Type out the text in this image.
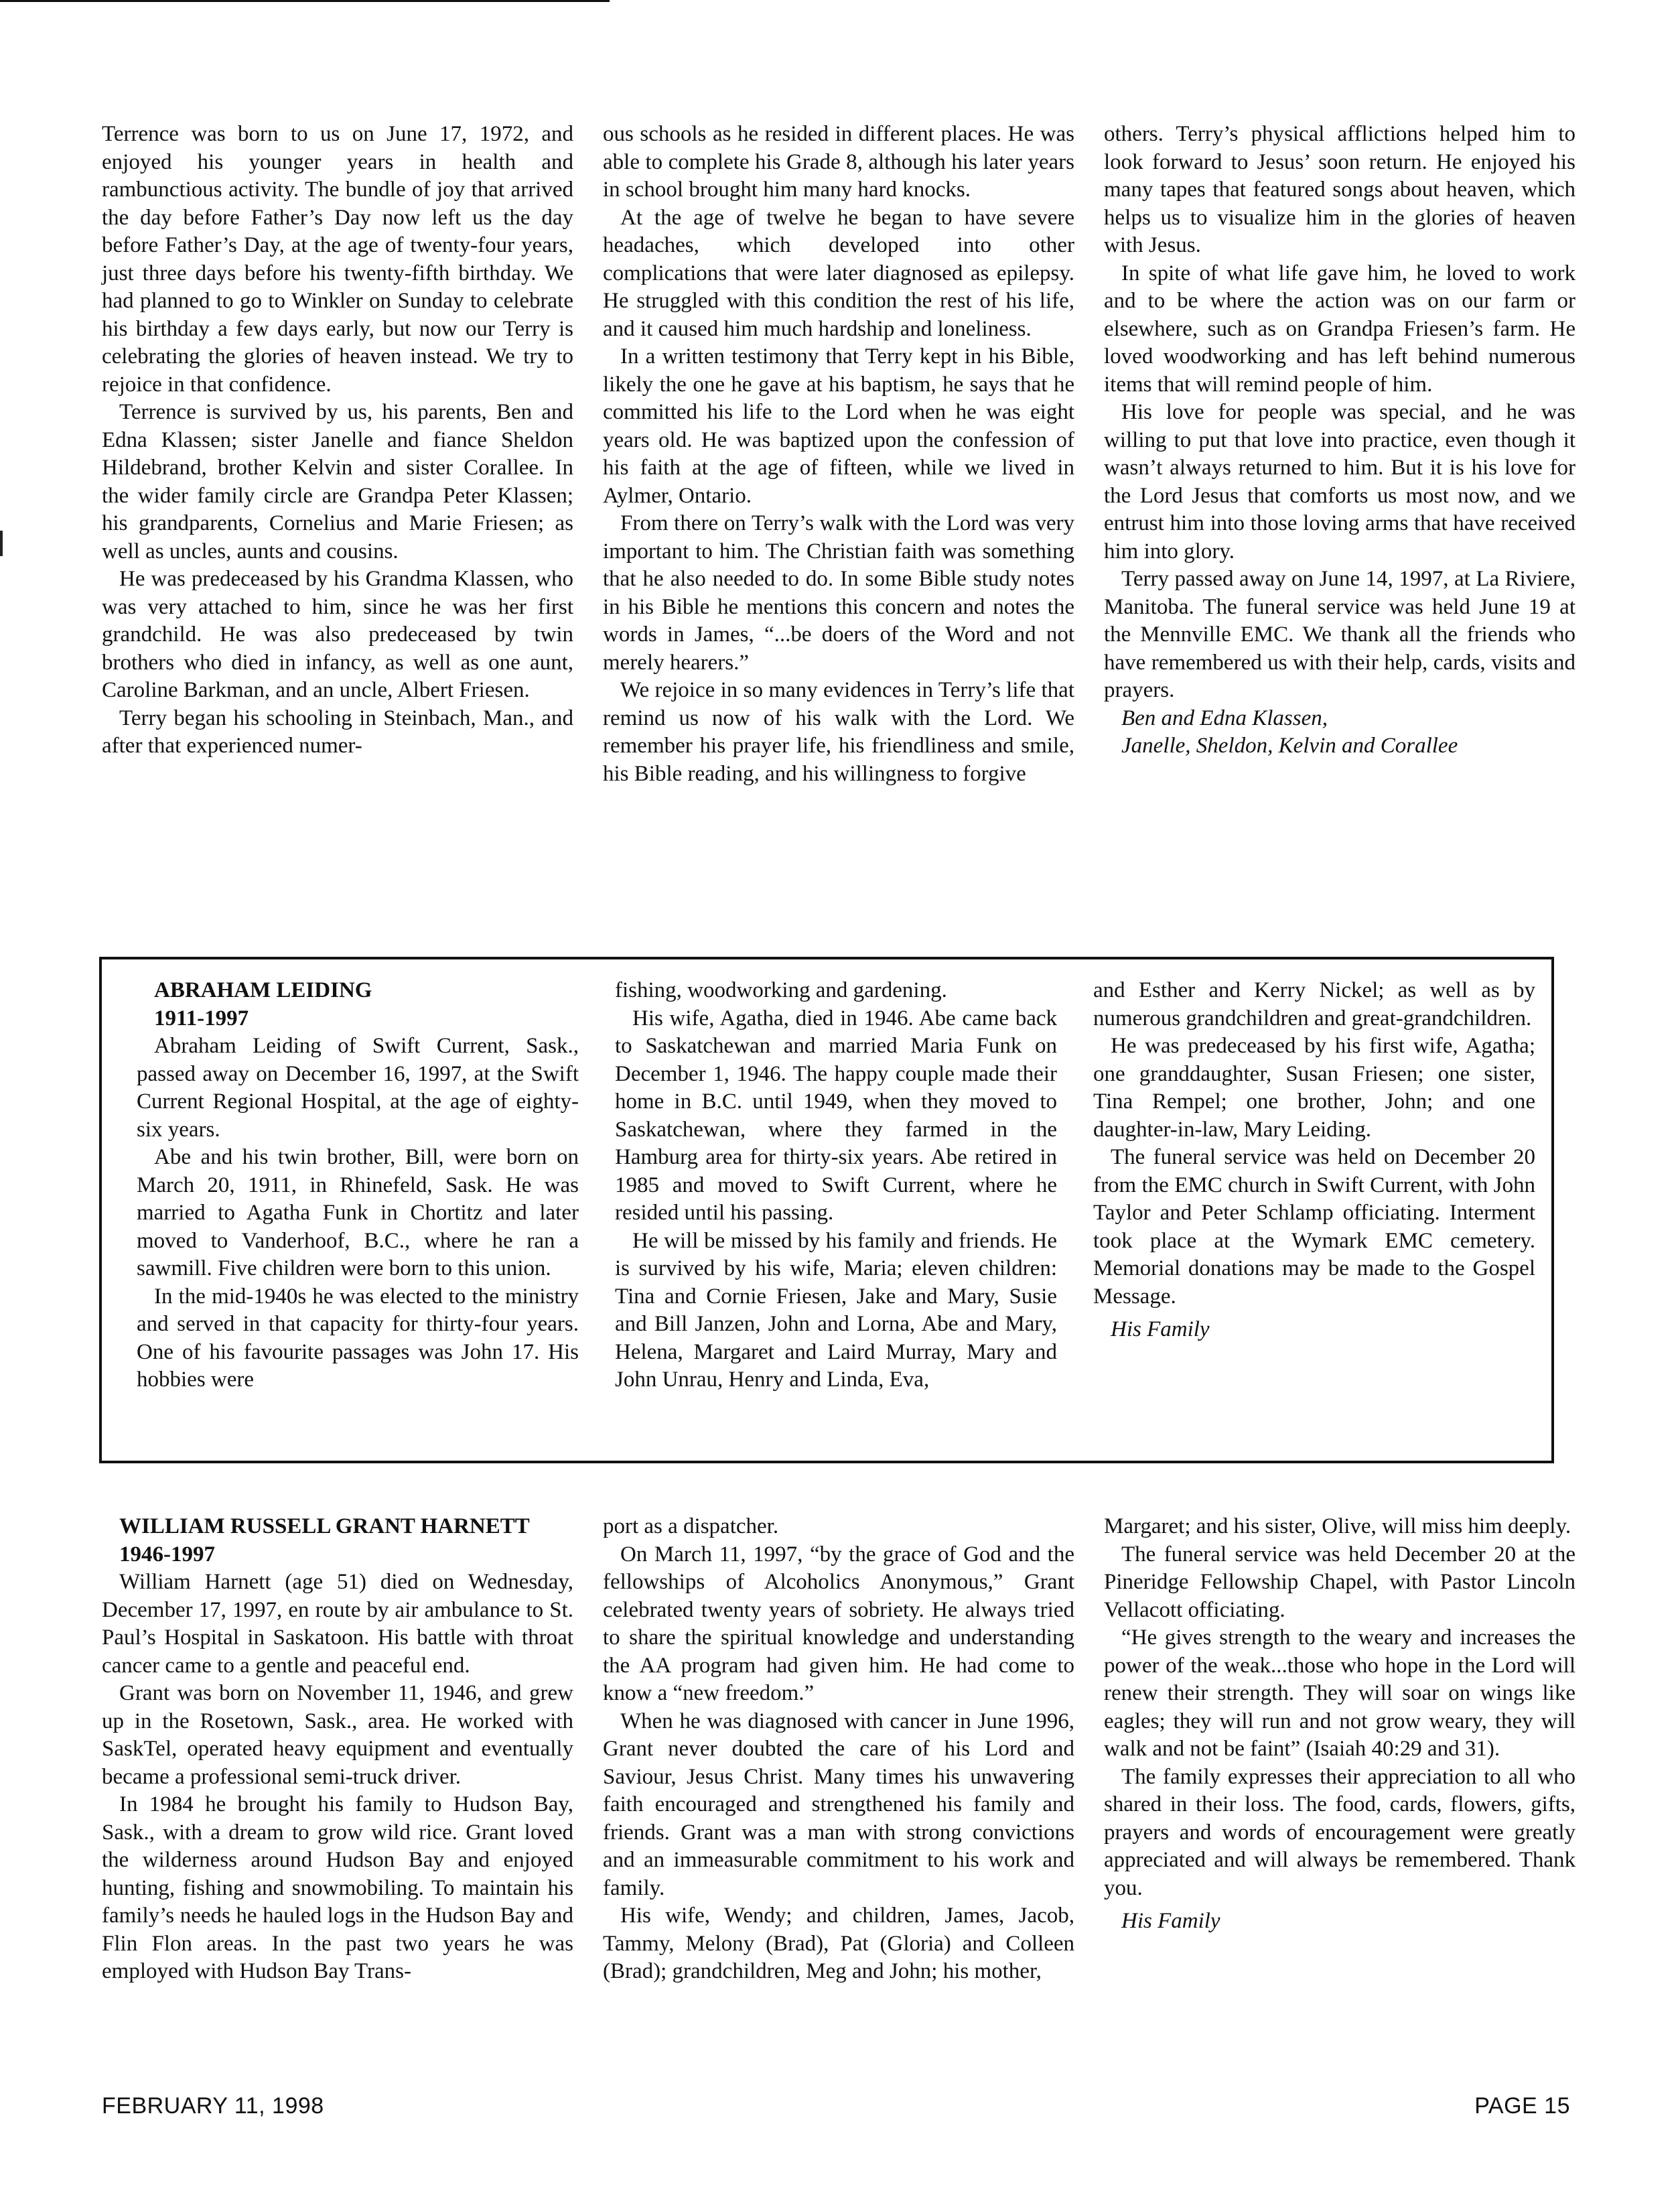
Terrence was born to us on June 17, 1972, and enjoyed his younger years in health and rambunctious activity. The bundle of joy that arrived the day before Father’s Day now left us the day before Father’s Day, at the age of twenty-four years, just three days before his twenty-fifth birthday. We had planned to go to Winkler on Sunday to celebrate his birthday a few days early, but now our Terry is celebrating the glories of heaven instead. We try to rejoice in that confidence.

Terrence is survived by us, his parents, Ben and Edna Klassen; sister Janelle and fiance Sheldon Hildebrand, brother Kelvin and sister Corallee. In the wider family circle are Grandpa Peter Klassen; his grandparents, Cornelius and Marie Friesen; as well as uncles, aunts and cousins.

He was predeceased by his Grandma Klassen, who was very attached to him, since he was her first grandchild. He was also predeceased by twin brothers who died in infancy, as well as one aunt, Caroline Barkman, and an uncle, Albert Friesen.

Terry began his schooling in Steinbach, Man., and after that experienced numer-

ous schools as he resided in different places. He was able to complete his Grade 8, although his later years in school brought him many hard knocks.

At the age of twelve he began to have severe headaches, which developed into other complications that were later diagnosed as epilepsy. He struggled with this condition the rest of his life, and it caused him much hardship and loneliness.

In a written testimony that Terry kept in his Bible, likely the one he gave at his baptism, he says that he committed his life to the Lord when he was eight years old. He was baptized upon the confession of his faith at the age of fifteen, while we lived in Aylmer, Ontario.

From there on Terry’s walk with the Lord was very important to him. The Christian faith was something that he also needed to do. In some Bible study notes in his Bible he mentions this concern and notes the words in James, “...be doers of the Word and not merely hearers.”

We rejoice in so many evidences in Terry’s life that remind us now of his walk with the Lord. We remember his prayer life, his friendliness and smile, his Bible reading, and his willingness to forgive

others. Terry’s physical afflictions helped him to look forward to Jesus’ soon return. He enjoyed his many tapes that featured songs about heaven, which helps us to visualize him in the glories of heaven with Jesus.

In spite of what life gave him, he loved to work and to be where the action was on our farm or elsewhere, such as on Grandpa Friesen’s farm. He loved woodworking and has left behind numerous items that will remind people of him.

His love for people was special, and he was willing to put that love into practice, even though it wasn’t always returned to him. But it is his love for the Lord Jesus that comforts us most now, and we entrust him into those loving arms that have received him into glory.

Terry passed away on June 14, 1997, at La Riviere, Manitoba. The funeral service was held June 19 at the Mennville EMC. We thank all the friends who have remembered us with their help, cards, visits and prayers.

Ben and Edna Klassen,

Janelle, Sheldon, Kelvin and Corallee

ABRAHAM LEIDING

1911-1997

Abraham Leiding of Swift Current, Sask., passed away on December 16, 1997, at the Swift Current Regional Hospital, at the age of eighty-six years.

Abe and his twin brother, Bill, were born on March 20, 1911, in Rhinefeld, Sask. He was married to Agatha Funk in Chortitz and later moved to Vanderhoof, B.C., where he ran a sawmill. Five children were born to this union.

In the mid-1940s he was elected to the ministry and served in that capacity for thirty-four years. One of his favourite passages was John 17. His hobbies were

fishing, woodworking and gardening.

His wife, Agatha, died in 1946. Abe came back to Saskatchewan and married Maria Funk on December 1, 1946. The happy couple made their home in B.C. until 1949, when they moved to Saskatchewan, where they farmed in the Hamburg area for thirty-six years. Abe retired in 1985 and moved to Swift Current, where he resided until his passing.

He will be missed by his family and friends. He is survived by his wife, Maria; eleven children: Tina and Cornie Friesen, Jake and Mary, Susie and Bill Janzen, John and Lorna, Abe and Mary, Helena, Margaret and Laird Murray, Mary and John Unrau, Henry and Linda, Eva,

and Esther and Kerry Nickel; as well as by numerous grandchildren and great-grandchildren.

He was predeceased by his first wife, Agatha; one granddaughter, Susan Friesen; one sister, Tina Rempel; one brother, John; and one daughter-in-law, Mary Leiding.

The funeral service was held on December 20 from the EMC church in Swift Current, with John Taylor and Peter Schlamp officiating. Interment took place at the Wymark EMC cemetery. Memorial donations may be made to the Gospel Message.

His Family

WILLIAM RUSSELL GRANT HARNETT

1946-1997

William Harnett (age 51) died on Wednesday, December 17, 1997, en route by air ambulance to St. Paul’s Hospital in Saskatoon. His battle with throat cancer came to a gentle and peaceful end.

Grant was born on November 11, 1946, and grew up in the Rosetown, Sask., area. He worked with SaskTel, operated heavy equipment and eventually became a professional semi-truck driver.

In 1984 he brought his family to Hudson Bay, Sask., with a dream to grow wild rice. Grant loved the wilderness around Hudson Bay and enjoyed hunting, fishing and snowmobiling. To maintain his family’s needs he hauled logs in the Hudson Bay and Flin Flon areas. In the past two years he was employed with Hudson Bay Trans-

port as a dispatcher.

On March 11, 1997, “by the grace of God and the fellowships of Alcoholics Anonymous,” Grant celebrated twenty years of sobriety. He always tried to share the spiritual knowledge and understanding the AA program had given him. He had come to know a “new freedom.”

When he was diagnosed with cancer in June 1996, Grant never doubted the care of his Lord and Saviour, Jesus Christ. Many times his unwavering faith encouraged and strengthened his family and friends. Grant was a man with strong convictions and an immeasurable commitment to his work and family.

His wife, Wendy; and children, James, Jacob, Tammy, Melony (Brad), Pat (Gloria) and Colleen (Brad); grandchildren, Meg and John; his mother,

Margaret; and his sister, Olive, will miss him deeply.

The funeral service was held December 20 at the Pineridge Fellowship Chapel, with Pastor Lincoln Vellacott officiating.

“He gives strength to the weary and increases the power of the weak...those who hope in the Lord will renew their strength. They will soar on wings like eagles; they will run and not grow weary, they will walk and not be faint” (Isaiah 40:29 and 31).

The family expresses their appreciation to all who shared in their loss. The food, cards, flowers, gifts, prayers and words of encouragement were greatly appreciated and will always be remembered. Thank you.

His Family

FEBRUARY 11, 1998	PAGE 15
